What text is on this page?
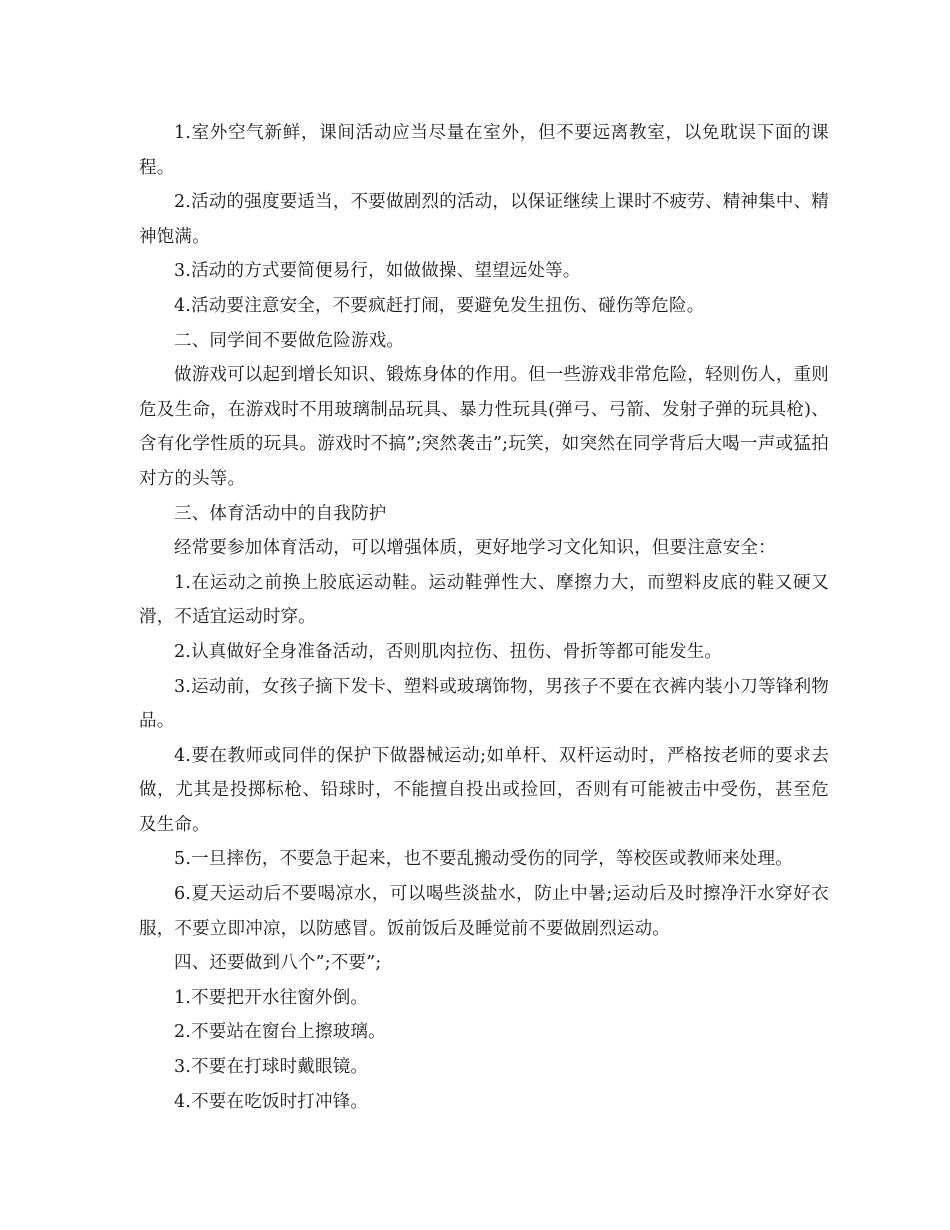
1.室外空气新鲜，课间活动应当尽量在室外，但不要远离教室，以免耽误下面的课程。

2.活动的强度要适当，不要做剧烈的活动，以保证继续上课时不疲劳、精神集中、精神饱满。

3.活动的方式要简便易行，如做做操、望望远处等。

4.活动要注意安全，不要疯赶打闹，要避免发生扭伤、碰伤等危险。

二、同学间不要做危险游戏。

做游戏可以起到增长知识、锻炼身体的作用。但一些游戏非常危险，轻则伤人，重则危及生命，在游戏时不用玻璃制品玩具、暴力性玩具(弹弓、弓箭、发射子弹的玩具枪)、含有化学性质的玩具。游戏时不搞”;突然袭击”;玩笑，如突然在同学背后大喝一声或猛拍对方的头等。

三、体育活动中的自我防护

经常要参加体育活动，可以增强体质，更好地学习文化知识，但要注意安全：

1.在运动之前换上胶底运动鞋。运动鞋弹性大、摩擦力大，而塑料皮底的鞋又硬又滑，不适宜运动时穿。

2.认真做好全身准备活动，否则肌肉拉伤、扭伤、骨折等都可能发生。

3.运动前，女孩子摘下发卡、塑料或玻璃饰物，男孩子不要在衣裤内装小刀等锋利物品。

4.要在教师或同伴的保护下做器械运动;如单杆、双杆运动时，严格按老师的要求去做，尤其是投掷标枪、铅球时，不能擅自投出或捡回，否则有可能被击中受伤，甚至危及生命。

5.一旦摔伤，不要急于起来，也不要乱搬动受伤的同学，等校医或教师来处理。

6.夏天运动后不要喝凉水，可以喝些淡盐水，防止中暑;运动后及时擦净汗水穿好衣服，不要立即冲凉，以防感冒。饭前饭后及睡觉前不要做剧烈运动。

四、还要做到八个”;不要”;

1.不要把开水往窗外倒。

2.不要站在窗台上擦玻璃。

3.不要在打球时戴眼镜。

4.不要在吃饭时打冲锋。
